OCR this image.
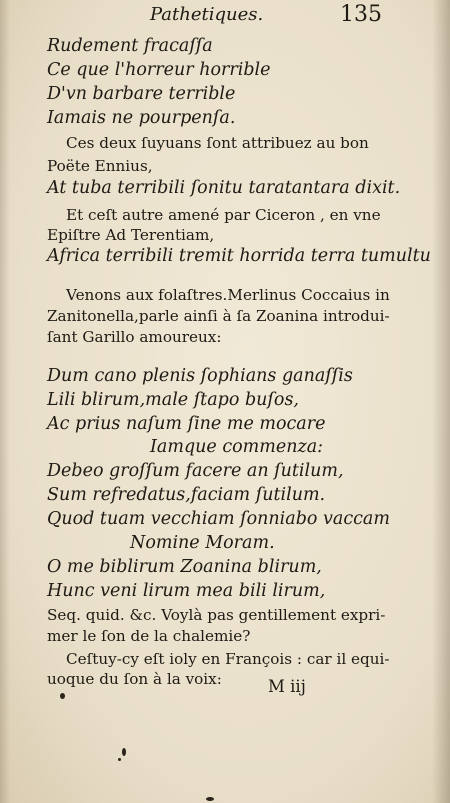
Pathetiques.	135
Rudement fracaſſa
Ce que l'horreur horrible
D'vn barbare terrible
Iamais ne pourpenſa.
Ces deux ſuyuans ſont attribuez au bon
Poëte Ennius,
At tuba terribili ſonitu taratantara dixit.
Et ceſt autre amené par Ciceron , en vne
Epiſtre Ad Terentiam,
Africa terribili tremit horrida terra tumultu
Venons aux folaſtres.Merlinus Coccaius in
Zanitonella,parle ainſi à ſa Zoanina introdui-
ſant Garillo amoureux:
Dum cano plenis ſophians ganaſſis
Lili blirum,male ſtapo buſos,
Ac prius naſum ſine me mocare
Iamque commenza:
Debeo groſſum facere an ſutilum,
Sum refredatus,faciam ſutilum.
Quod tuam vecchiam ſonniabo vaccam
Nomine Moram.
O me biblirum Zoanina blirum,
Hunc veni lirum mea bili lirum,
Seq. quid. &c. Voylà pas gentillement expri-
mer le ſon de la chalemie?
Ceſtuy-cy eſt ioly en François : car il equi-
uoque du ſon à la voix:	M iij
